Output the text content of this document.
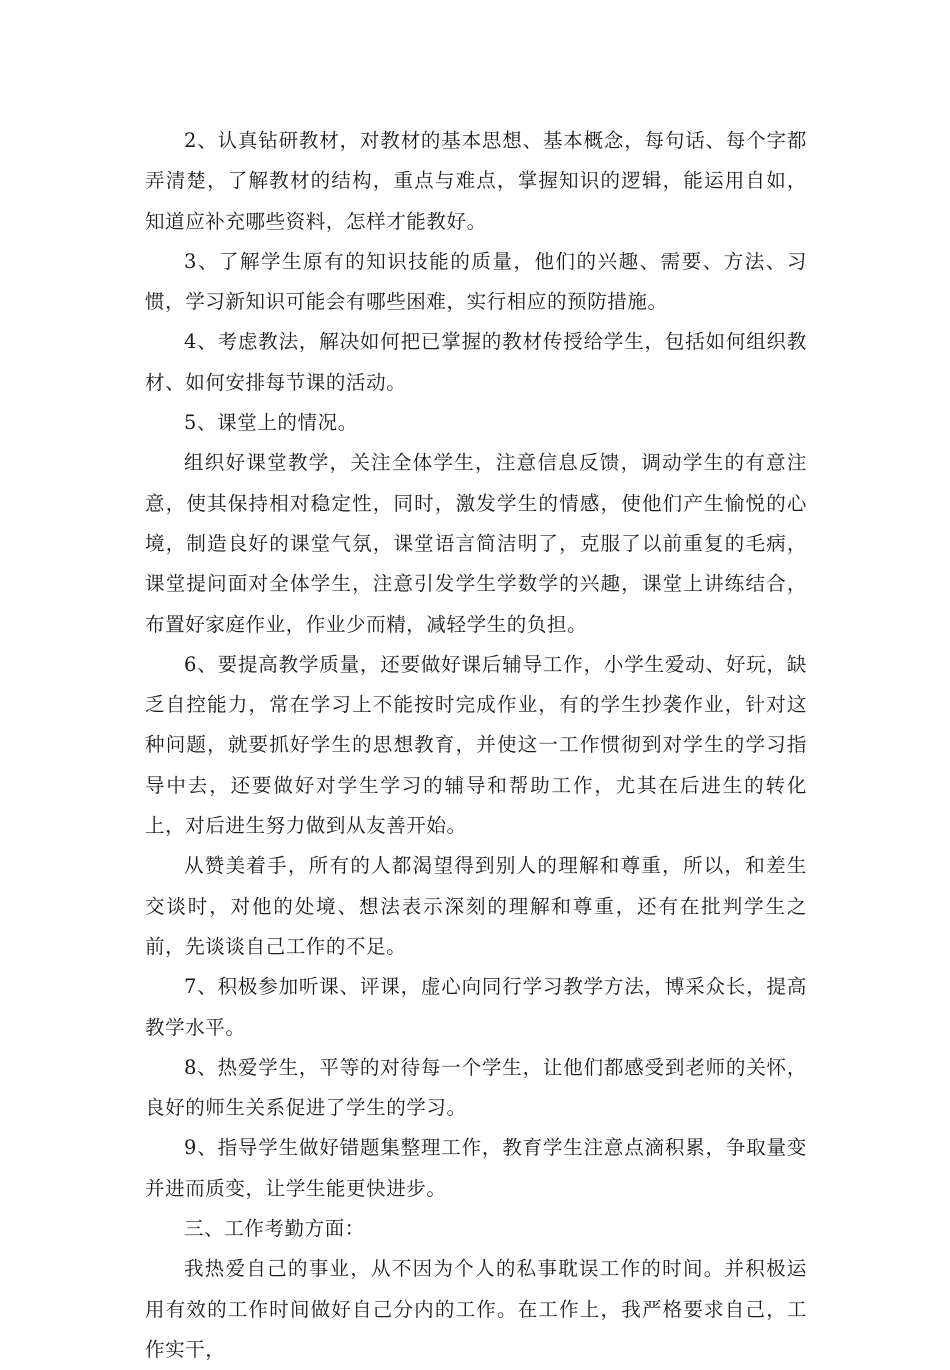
2、认真钻研教材，对教材的基本思想、基本概念，每句话、每个字都弄清楚，了解教材的结构，重点与难点，掌握知识的逻辑，能运用自如，知道应补充哪些资料，怎样才能教好。

3、了解学生原有的知识技能的质量，他们的兴趣、需要、方法、习惯，学习新知识可能会有哪些困难，实行相应的预防措施。

4、考虑教法，解决如何把已掌握的教材传授给学生，包括如何组织教材、如何安排每节课的活动。

5、课堂上的情况。

组织好课堂教学，关注全体学生，注意信息反馈，调动学生的有意注意，使其保持相对稳定性，同时，激发学生的情感，使他们产生愉悦的心境，制造良好的课堂气氛，课堂语言简洁明了，克服了以前重复的毛病，课堂提问面对全体学生，注意引发学生学数学的兴趣，课堂上讲练结合，布置好家庭作业，作业少而精，减轻学生的负担。

6、要提高教学质量，还要做好课后辅导工作，小学生爱动、好玩，缺乏自控能力，常在学习上不能按时完成作业，有的学生抄袭作业，针对这种问题，就要抓好学生的思想教育，并使这一工作惯彻到对学生的学习指导中去，还要做好对学生学习的辅导和帮助工作，尤其在后进生的转化上，对后进生努力做到从友善开始。

从赞美着手，所有的人都渴望得到别人的理解和尊重，所以，和差生交谈时，对他的处境、想法表示深刻的理解和尊重，还有在批判学生之前，先谈谈自己工作的不足。

7、积极参加听课、评课，虚心向同行学习教学方法，博采众长，提高教学水平。

8、热爱学生，平等的对待每一个学生，让他们都感受到老师的关怀，良好的师生关系促进了学生的学习。

9、指导学生做好错题集整理工作，教育学生注意点滴积累，争取量变并进而质变，让学生能更快进步。

三、工作考勤方面：

我热爱自己的事业，从不因为个人的私事耽误工作的时间。并积极运用有效的工作时间做好自己分内的工作。在工作上，我严格要求自己，工作实干，
